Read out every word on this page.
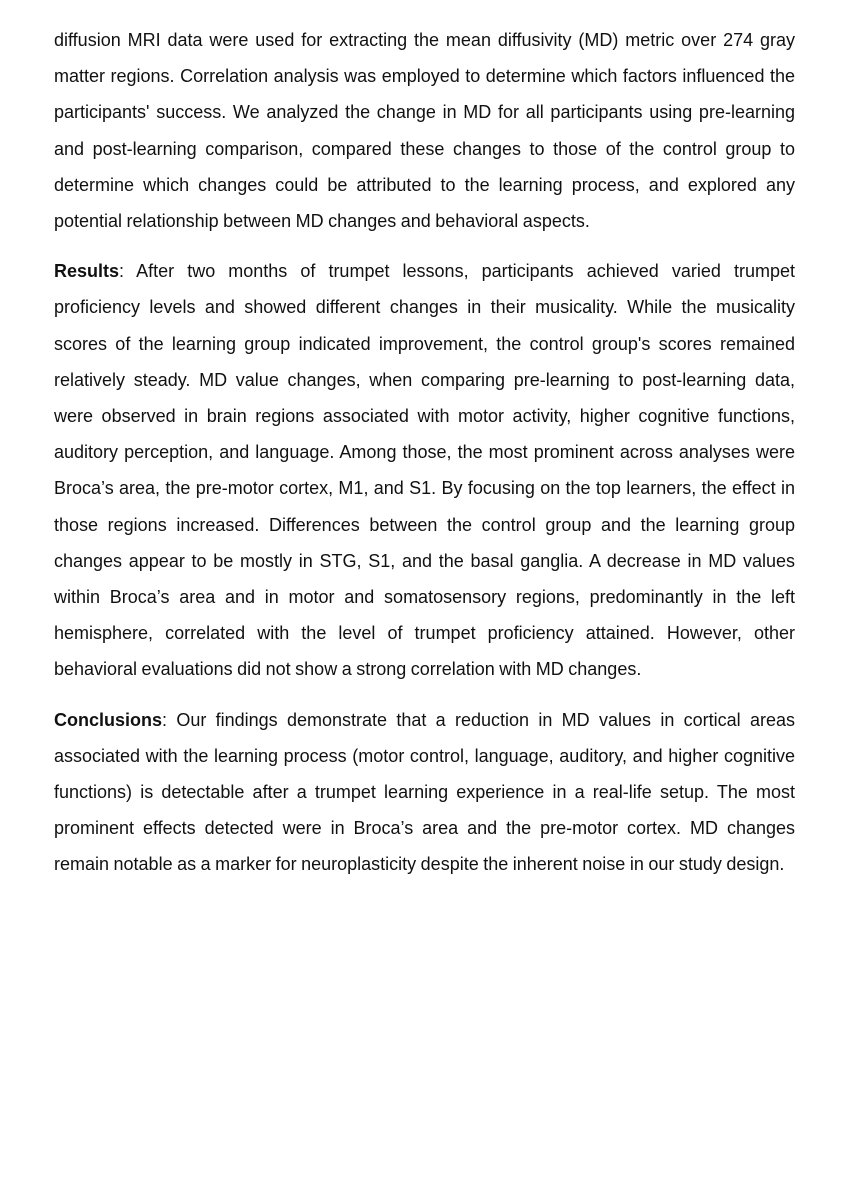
diffusion MRI data were used for extracting the mean diffusivity (MD) metric over 274 gray matter regions. Correlation analysis was employed to determine which factors influenced the participants' success. We analyzed the change in MD for all participants using pre-learning and post-learning comparison, compared these changes to those of the control group to determine which changes could be attributed to the learning process, and explored any potential relationship between MD changes and behavioral aspects.

Results: After two months of trumpet lessons, participants achieved varied trumpet proficiency levels and showed different changes in their musicality. While the musicality scores of the learning group indicated improvement, the control group's scores remained relatively steady. MD value changes, when comparing pre-learning to post-learning data, were observed in brain regions associated with motor activity, higher cognitive functions, auditory perception, and language. Among those, the most prominent across analyses were Broca’s area, the pre-motor cortex, M1, and S1. By focusing on the top learners, the effect in those regions increased. Differences between the control group and the learning group changes appear to be mostly in STG, S1, and the basal ganglia. A decrease in MD values within Broca’s area and in motor and somatosensory regions, predominantly in the left hemisphere, correlated with the level of trumpet proficiency attained. However, other behavioral evaluations did not show a strong correlation with MD changes.

Conclusions: Our findings demonstrate that a reduction in MD values in cortical areas associated with the learning process (motor control, language, auditory, and higher cognitive functions) is detectable after a trumpet learning experience in a real-life setup. The most prominent effects detected were in Broca’s area and the pre-motor cortex. MD changes remain notable as a marker for neuroplasticity despite the inherent noise in our study design.
